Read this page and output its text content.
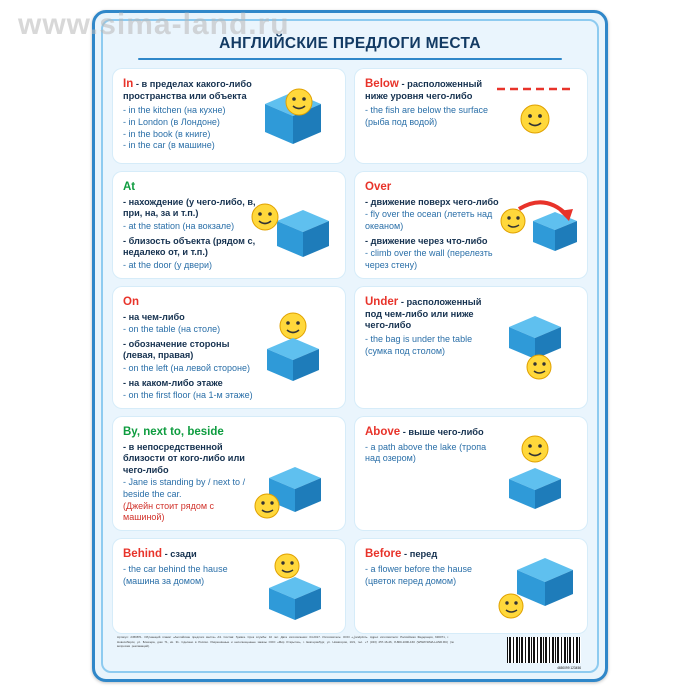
www.sima-land.ru
АНГЛИЙСКИЕ ПРЕДЛОГИ МЕСТА
In - в пределах какого-либо пространства или объекта
- in the kitchen (на кухне)
- in London (в Лондоне)
- in the book (в книге)
- in the car (в машине)
Below - расположенный ниже уровня чего-либо
- the fish are below the surface (рыба под водой)
At
- нахождение (у чего-либо, в, при, на, за и т.п.)
- at the station (на вокзале)
- близость объекта (рядом с, недалеко от, и т.п.)
- at the door (у двери)
Over
- движение поверх чего-либо
- fly over the ocean (лететь над океаном)
- движение через что-либо
- climb over the wall (перелезть через стену)
On
- на чем-либо
- on the table (на столе)
- обозначение стороны (левая, правая)
- on the left (на левой стороне)
- на каком-либо этаже
- on the first floor (на 1-м этаже)
Under - расположенный под чем-либо или ниже чего-либо
- the bag is under the table (сумка под столом)
By, next to, beside
- в непосредственной близости от кого-либо или чего-либо
- Jane is standing by / next to / beside the car.
(Джейн стоит рядом с машиной)
Above - выше чего-либо
- a path above the lake (тропа над озером)
Behind - сзади
- the car behind the hause (машина за домом)
Before - перед
- a flower before the hause (цветок перед домом)
Артикул: 2456871. Обучающий плакат «Английские предлоги места» А3. Состав: бумага. Срок службы: 10 лет. Дата изготовления: 04.2017. Изготовитель: ООО «لandprint». Адрес изготовителя: Российская Федерация, 630071, г. Новосибирск, ул. Блюхера, дом 71, кв. 31. Сделано в России. Разрешённые и неполноценные заказы ООО «Мир Открыток», г. Екатеринбург, ул. Новаторов, 10/1, тел. +7 (343) 257-16-46, 8-800-1000-160 (WWW.SIMA-LAND.RU) (по вопросам рекламаций).
4650099 123456
